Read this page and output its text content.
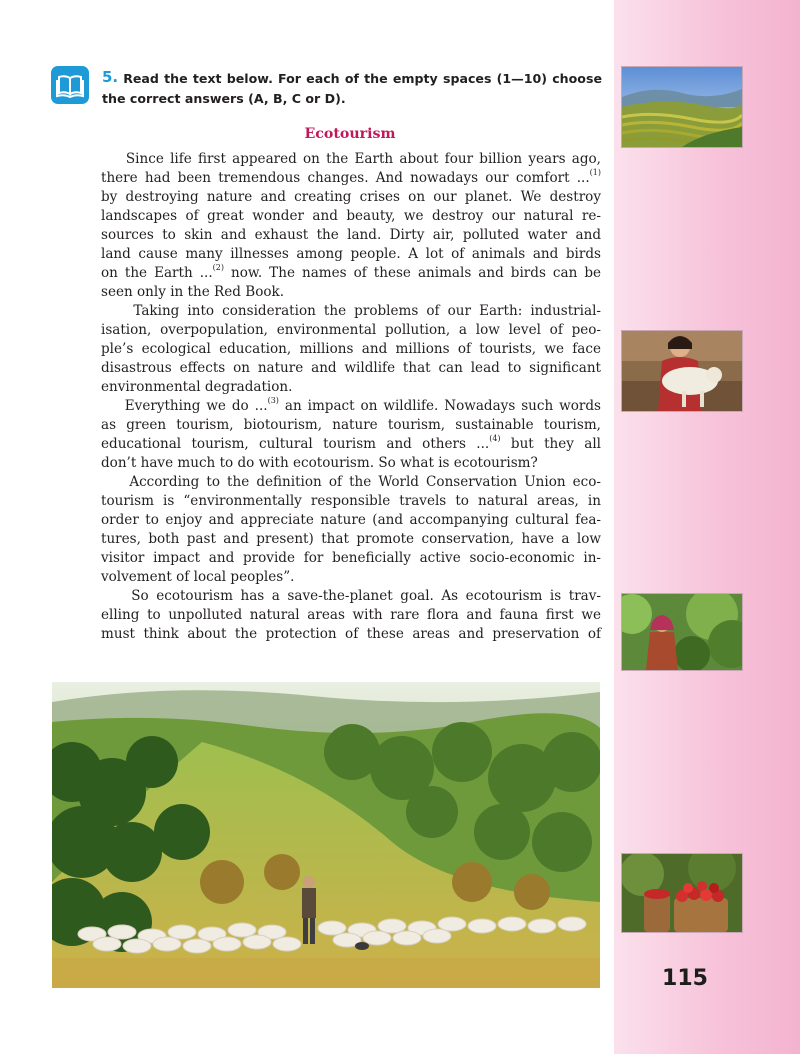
5. Read the text below. For each of the empty spaces (1—10) choose the correct answers (A, B, C or D).
Ecotourism

Since life first appeared on the Earth about four billion years ago,
there had been tremendous changes. And nowadays our comfort ...$^{(1)}$
by destroying nature and creating crises on our planet. We destroy
landscapes of great wonder and beauty, we destroy our natural re-
sources to skin and exhaust the land. Dirty air, polluted water and
land cause many illnesses among people. A lot of animals and birds
on the Earth ...$^{(2)}$ now. The names of these animals and birds can be
seen only in the Red Book.

Taking into consideration the problems of our Earth: industrial-
isation, overpopulation, environmental pollution, a low level of peo-
ple’s ecological education, millions and millions of tourists, we face
disastrous effects on nature and wildlife that can lead to significant
environmental degradation.

Everything we do ...$^{(3)}$ an impact on wildlife. Nowadays such words
as green tourism, biotourism, nature tourism, sustainable tourism,
educational tourism, cultural tourism and others ...$^{(4)}$ but they all
don’t have much to do with ecotourism. So what is ecotourism?

According to the definition of the World Conservation Union eco-
tourism is “environmentally responsible travels to natural areas, in
order to enjoy and appreciate nature (and accompanying cultural fea-
tures, both past and present) that promote conservation, have a low
visitor impact and provide for beneficially active socio-economic in-
volvement of local peoples”.

So ecotourism has a save-the-planet goal. As ecotourism is trav-
elling to unpolluted natural areas with rare flora and fauna first we
must think about the protection of these areas and preservation of

115
